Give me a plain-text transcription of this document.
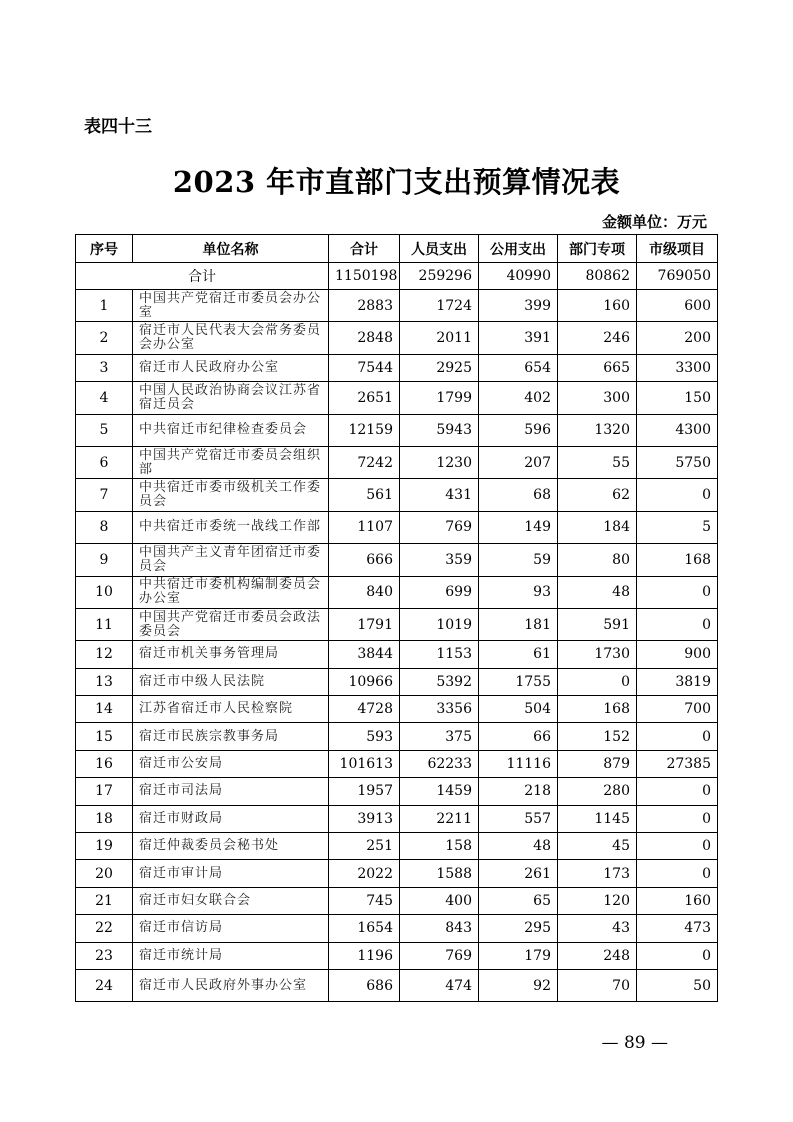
表四十三
2023 年市直部门支出预算情况表
金额单位：万元
序号	单位名称	合计	人员支出	公用支出	部门专项	市级项目
合计		1150198	259296	40990	80862	769050
1	中国共产党宿迁市委员会办公室	2883	1724	399	160	600
2	宿迁市人民代表大会常务委员会办公室	2848	2011	391	246	200
3	宿迁市人民政府办公室	7544	2925	654	665	3300
4	中国人民政治协商会议江苏省宿迁员会	2651	1799	402	300	150
5	中共宿迁市纪律检查委员会	12159	5943	596	1320	4300
6	中国共产党宿迁市委员会组织部	7242	1230	207	55	5750
7	中共宿迁市委市级机关工作委员会	561	431	68	62	0
8	中共宿迁市委统一战线工作部	1107	769	149	184	5
9	中国共产主义青年团宿迁市委员会	666	359	59	80	168
10	中共宿迁市委机构编制委员会办公室	840	699	93	48	0
11	中国共产党宿迁市委员会政法委员会	1791	1019	181	591	0
12	宿迁市机关事务管理局	3844	1153	61	1730	900
13	宿迁市中级人民法院	10966	5392	1755	0	3819
14	江苏省宿迁市人民检察院	4728	3356	504	168	700
15	宿迁市民族宗教事务局	593	375	66	152	0
16	宿迁市公安局	101613	62233	11116	879	27385
17	宿迁市司法局	1957	1459	218	280	0
18	宿迁市财政局	3913	2211	557	1145	0
19	宿迁仲裁委员会秘书处	251	158	48	45	0
20	宿迁市审计局	2022	1588	261	173	0
21	宿迁市妇女联合会	745	400	65	120	160
22	宿迁市信访局	1654	843	295	43	473
23	宿迁市统计局	1196	769	179	248	0
24	宿迁市人民政府外事办公室	686	474	92	70	50
— 89 —
